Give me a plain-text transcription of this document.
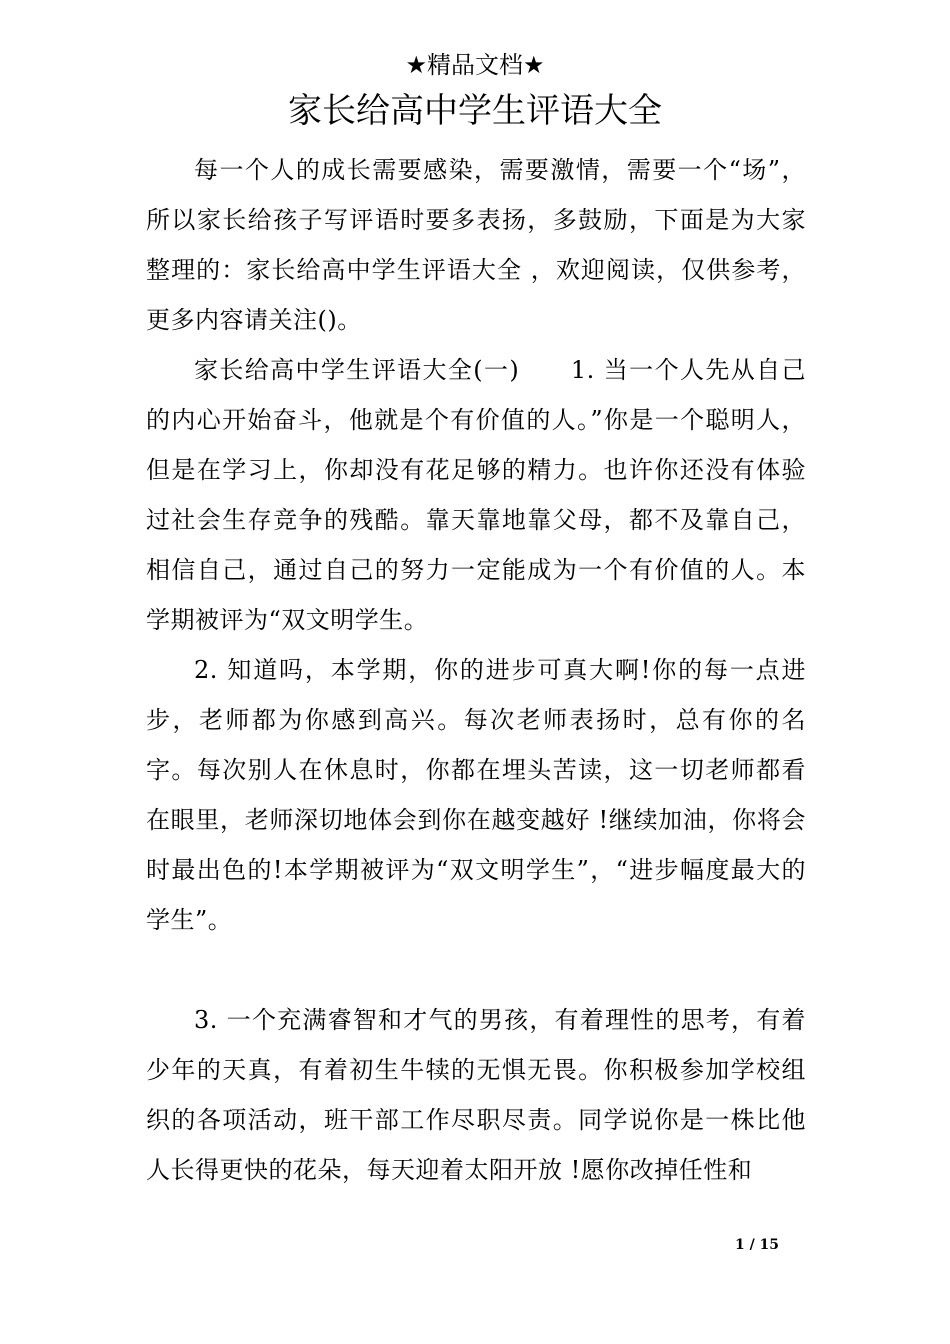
★精品文档★
家长给高中学生评语大全

每一个人的成长需要感染，需要激情，需要一个“场”，所以家长给孩子写评语时要多表扬，多鼓励，下面是为大家整理的：家长给高中学生评语大全 ，欢迎阅读，仅供参考，更多内容请关注()。

家长给高中学生评语大全(一)　　1. 当一个人先从自己的内心开始奋斗，他就是个有价值的人。”你是一个聪明人，但是在学习上，你却没有花足够的精力。也许你还没有体验过社会生存竞争的残酷。靠天靠地靠父母，都不及靠自己，相信自己，通过自己的努力一定能成为一个有价值的人。本学期被评为“双文明学生。

2. 知道吗，本学期，你的进步可真大啊!你的每一点进步，老师都为你感到高兴。每次老师表扬时，总有你的名字。每次别人在休息时，你都在埋头苦读，这一切老师都看在眼里，老师深切地体会到你在越变越好 !继续加油，你将会时最出色的!本学期被评为“双文明学生”，“进步幅度最大的学生”。

3. 一个充满睿智和才气的男孩，有着理性的思考，有着少年的天真，有着初生牛犊的无惧无畏。你积极参加学校组织的各项活动，班干部工作尽职尽责。同学说你是一株比他人长得更快的花朵，每天迎着太阳开放 !愿你改掉任性和

1 / 15
